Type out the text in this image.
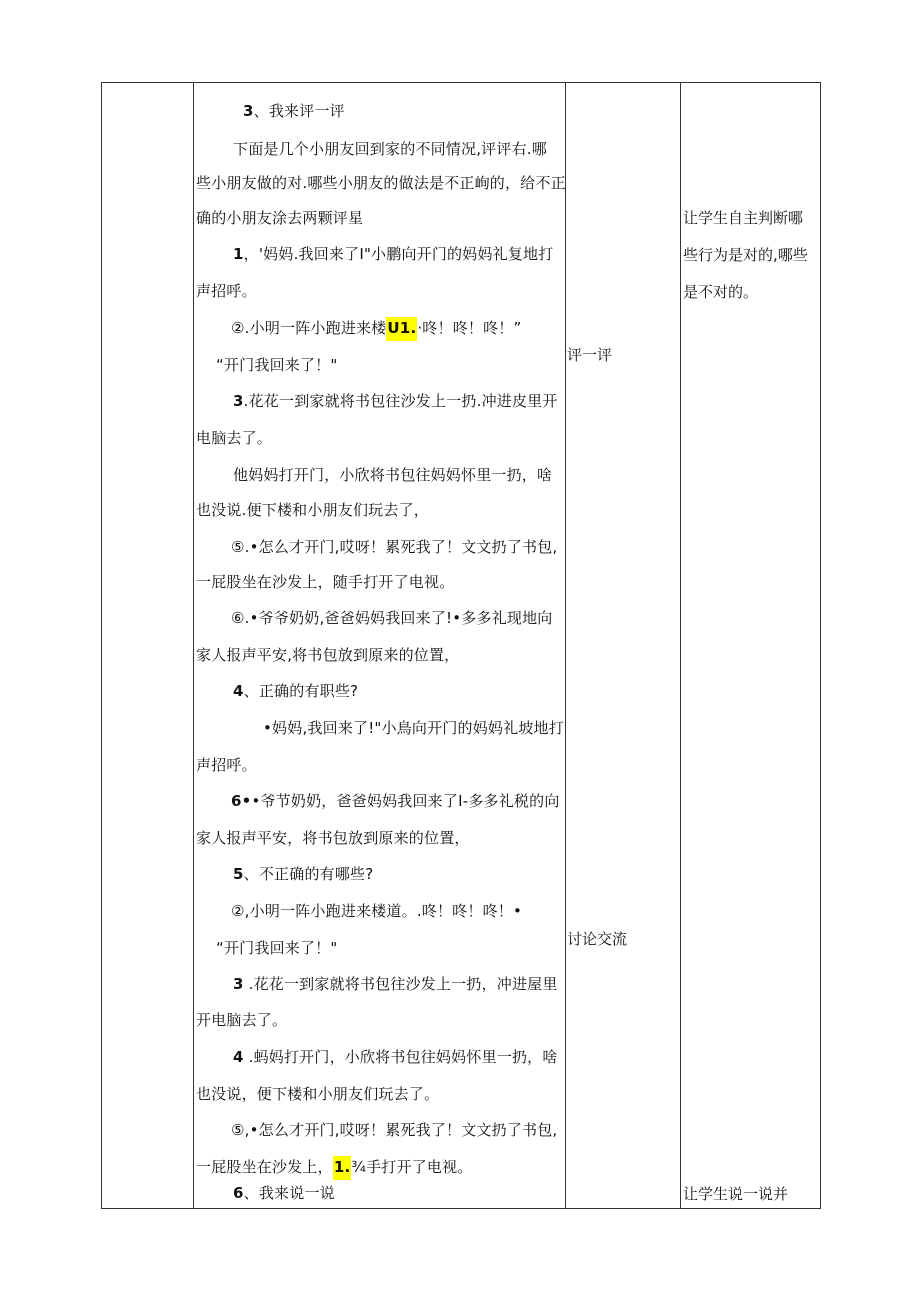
3、我来评一评
下面是几个小朋友回到家的不同情况,评评右.哪
些小朋友做的对.哪些小朋友的做法是不正峋的，给不正
确的小朋友涂去两颗评星
1，'妈妈.我回来了I"小鹏向开门的妈妈礼复地打
声招呼。
②.小明一阵小跑进来楼U1.·咚！咚！咚！”
“开门我回来了！"
3.花花一到家就将书包往沙发上一扔.冲进皮里开
电脑去了。
他妈妈打开门，小欣将书包往妈妈怀里一扔，啥
也没说.便下楼和小朋友们玩去了，
⑤.•怎么才开门,哎呀！累死我了！文文扔了书包,
一屁股坐在沙发上，随手打开了电视。
⑥.•爷爷奶奶,爸爸妈妈我回来了!•多多礼现地向
家人报声平安,将书包放到原来的位置，
4、正确的有职些?
•妈妈,我回来了!"小鳥向开门的妈妈礼坡地打
声招呼。
6••爷节奶奶，爸爸妈妈我回来了I-多多礼税的向
家人报声平安，将书包放到原来的位置，
5、不正确的有哪些?
②,小明一阵小跑进来楼道。.咚！咚！咚！•
“开门我回来了！"
3 .花花一到家就将书包往沙发上一扔，冲进屋里
开电脑去了。
4 .蚂妈打开门，小欣将书包往妈妈怀里一扔，啥
也没说，便下楼和小朋友们玩去了。
⑤,•怎么才开门,哎呀！累死我了！文文扔了书包,
一屁股坐在沙发上，1.¾手打开了电视。
6、我来说一说
评一评
讨论交流
让学生自主判断哪
些行为是对的,哪些
是不对的。
让学生说一说并
